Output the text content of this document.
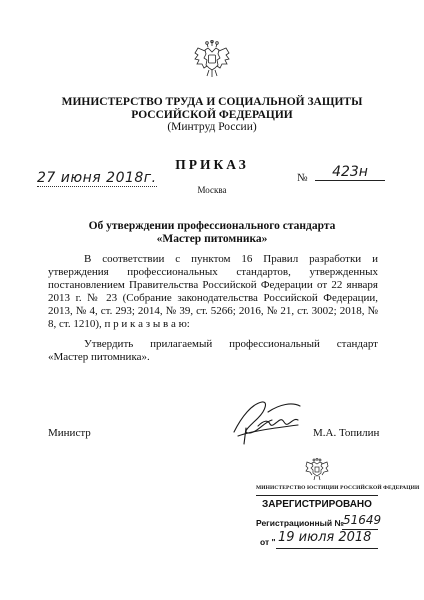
МИНИСТЕРСТВО ТРУДА И СОЦИАЛЬНОЙ ЗАЩИТЫ
РОССИЙСКОЙ ФЕДЕРАЦИИ
(Минтруд России)
ПРИКАЗ
27 июня 2018г.	№	423н
Москва
Об утверждении профессионального стандарта
«Мастер питомника»
В соответствии с пунктом 16 Правил разработки и утверждения профессиональных стандартов, утвержденных постановлением Правительства Российской Федерации от 22 января 2013 г. № 23 (Собрание законодательства Российской Федерации, 2013, № 4, ст. 293; 2014, № 39, ст. 5266; 2016, № 21, ст. 3002; 2018, № 8, ст. 1210), п р и к а з ы в а ю:
Утвердить прилагаемый профессиональный стандарт
«Мастер питомника».
Министр	М.А. Топилин
МИНИСТЕРСТВО ЮСТИЦИИ РОССИЙСКОЙ ФЕДЕРАЦИИ
ЗАРЕГИСТРИРОВАНО
Регистрационный № 51649
от " 19 июля 2018
